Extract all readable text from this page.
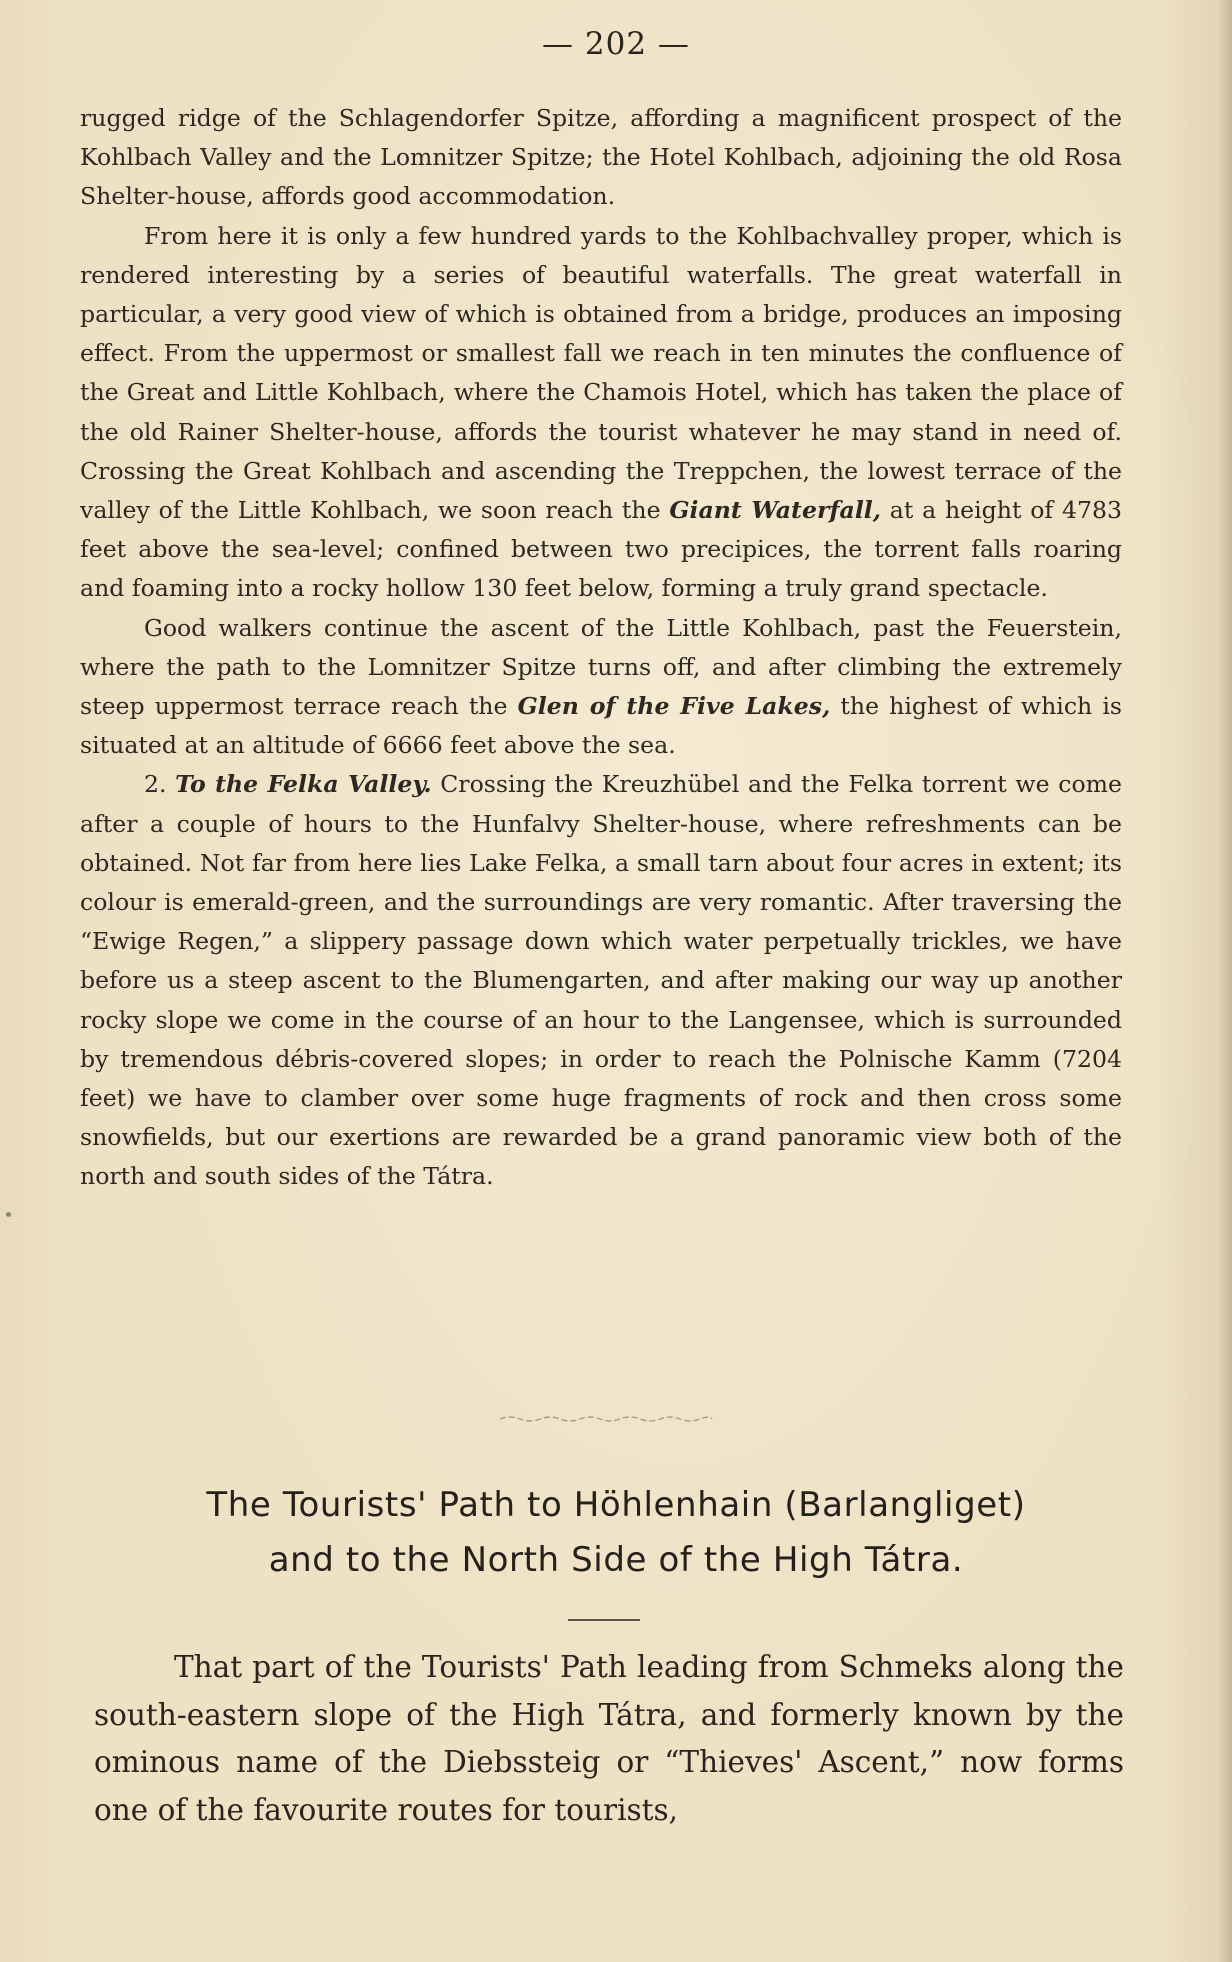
— 202 —

rugged ridge of the Schlagendorfer Spitze, affording a magnificent prospect of the Kohlbach Valley and the Lomnitzer Spitze; the Hotel Kohlbach, adjoining the old Rosa Shelter-house, affords good accommodation.

From here it is only a few hundred yards to the Kohlbachvalley proper, which is rendered interesting by a series of beautiful waterfalls. The great waterfall in particular, a very good view of which is obtained from a bridge, produces an imposing effect. From the uppermost or smallest fall we reach in ten minutes the confluence of the Great and Little Kohlbach, where the Chamois Hotel, which has taken the place of the old Rainer Shelter-house, affords the tourist whatever he may stand in need of. Crossing the Great Kohlbach and ascending the Treppchen, the lowest terrace of the valley of the Little Kohlbach, we soon reach the Giant Waterfall, at a height of 4783 feet above the sea-level; confined between two precipices, the torrent falls roaring and foaming into a rocky hollow 130 feet below, forming a truly grand spectacle.

Good walkers continue the ascent of the Little Kohlbach, past the Feuerstein, where the path to the Lomnitzer Spitze turns off, and after climbing the extremely steep uppermost terrace reach the Glen of the Five Lakes, the highest of which is situated at an altitude of 6666 feet above the sea.

2. To the Felka Valley. Crossing the Kreuzhübel and the Felka torrent we come after a couple of hours to the Hunfalvy Shelter-house, where refreshments can be obtained. Not far from here lies Lake Felka, a small tarn about four acres in extent; its colour is emerald-green, and the surroundings are very romantic. After traversing the “Ewige Regen,” a slippery passage down which water perpetually trickles, we have before us a steep ascent to the Blumengarten, and after making our way up another rocky slope we come in the course of an hour to the Langensee, which is surrounded by tremendous débris-covered slopes; in order to reach the Polnische Kamm (7204 feet) we have to clamber over some huge fragments of rock and then cross some snowfields, but our exertions are rewarded be a grand panoramic view both of the north and south sides of the Tátra.

The Tourists' Path to Höhlenhain (Barlangliget)
and to the North Side of the High Tátra.
That part of the Tourists' Path leading from Schmeks along the south-eastern slope of the High Tátra, and formerly known by the ominous name of the Diebssteig or “Thieves' Ascent,” now forms one of the favourite routes for tourists,
